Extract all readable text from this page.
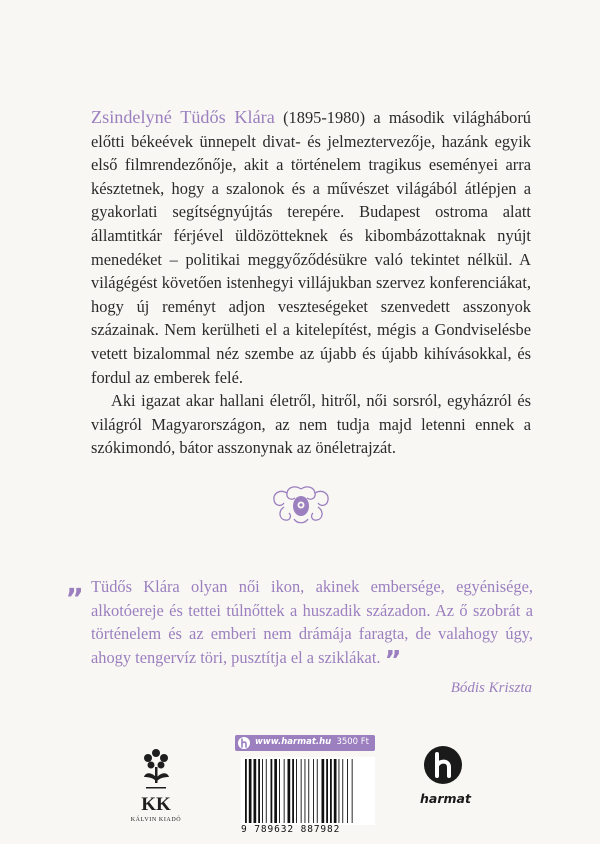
Zsindelyné Tüdős Klára (1895-1980) a második világháború előtti békeévek ünnepelt divat- és jelmeztervezője, hazánk egyik első filmrendezőnője, akit a történelem tragikus eseményei arra késztetnek, hogy a szalonok és a művészet világából átlépjen a gyakorlati segítségnyújtás terepére. Budapest ostroma alatt államtitkár férjével üldözötteknek és kibombázottaknak nyújt menedéket – politikai meggyőződésükre való tekintet nélkül. A világégést követően istenhegyi villájukban szervez konferenciákat, hogy új reményt adjon veszteségeket szenvedett asszonyok százainak. Nem kerülheti el a kitelepítést, mégis a Gondviselésbe vetett bizalommal néz szembe az újabb és újabb kihívásokkal, és fordul az emberek felé.

Aki igazat akar hallani életről, hitről, női sorsról, egyházról és világról Magyarországon, az nem tudja majd letenni ennek a szókimondó, bátor asszonynak az önéletrajzát.

„ Tüdős Klára olyan női ikon, akinek embersége, egyénisége, alkotóereje és tettei túlnőttek a huszadik századon. Az ő szobrát a történelem és az emberi nem drámája faragta, de valahogy úgy, ahogy tengervíz töri, pusztítja el a sziklákat. ”
Bódis Kriszta
KK
KÁLVIN KIADÓ
www.harmat.hu 3500 Ft
9 789632 887982
harmat
